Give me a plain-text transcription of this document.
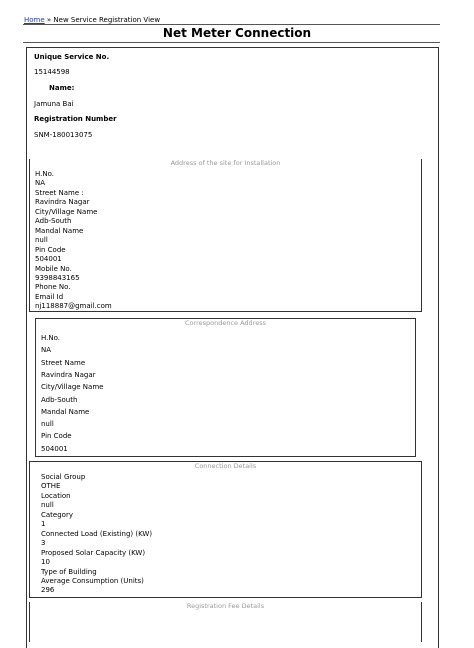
Home » New Service Registration View
Net Meter Connection
Unique Service No.
15144598
Name:
Jamuna Bai
Registration Number
SNM-180013075
Address of the site for Installation
H.No.
NA
Street Name :
Ravindra Nagar
City/Village Name
Adb-South
Mandal Name
null
Pin Code
504001
Mobile No.
9398843165
Phone No.
Email Id
nj118887@gmail.com
Correspondence Address
H.No.
NA
Street Name
Ravindra Nagar
City/Village Name
Adb-South
Mandal Name
null
Pin Code
504001
Connection Details
Social Group
OTHE
Location
null
Category
1
Connected Load (Existing) (KW)
3
Proposed Solar Capacity (KW)
10
Type of Building
Average Consumption (Units)
296
Registration Fee Details
